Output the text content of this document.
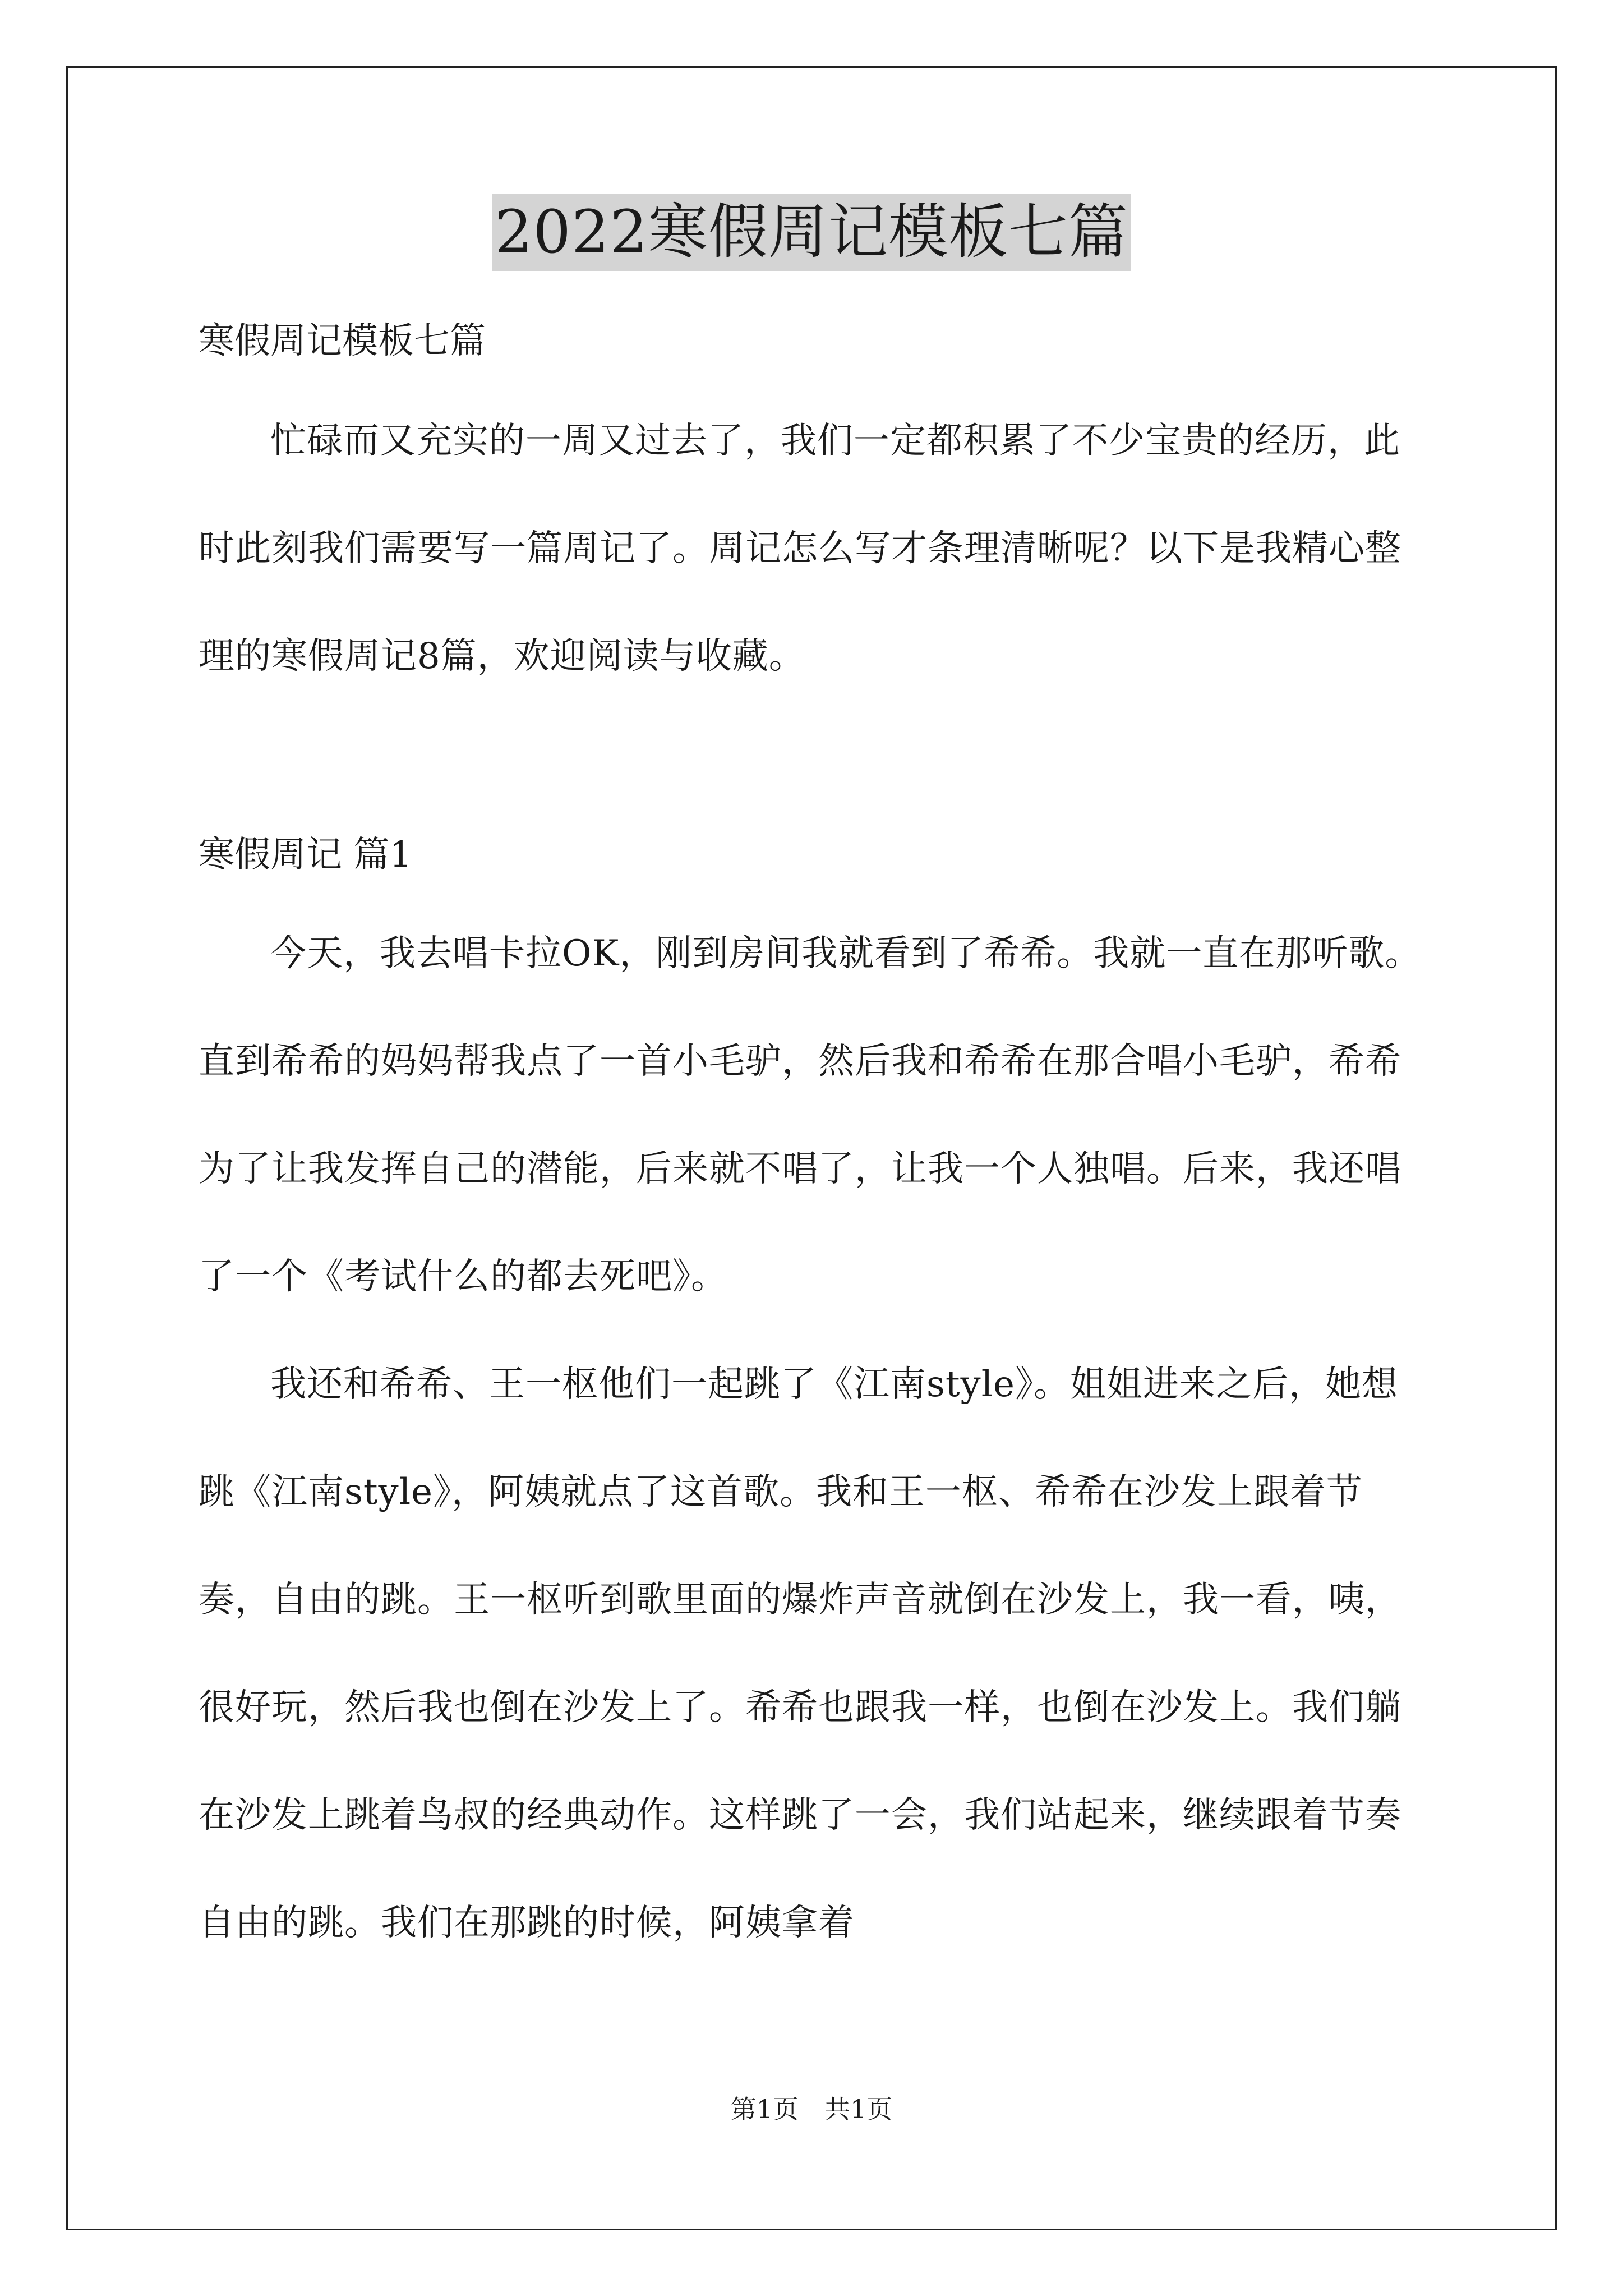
2022寒假周记模板七篇

寒假周记模板七篇

忙碌而又充实的一周又过去了，我们一定都积累了不少宝贵的经历，此时此刻我们需要写一篇周记了。周记怎么写才条理清晰呢？以下是我精心整理的寒假周记8篇，欢迎阅读与收藏。

寒假周记 篇1

今天，我去唱卡拉OK，刚到房间我就看到了希希。我就一直在那听歌。直到希希的妈妈帮我点了一首小毛驴，然后我和希希在那合唱小毛驴，希希为了让我发挥自己的潜能，后来就不唱了，让我一个人独唱。后来，我还唱了一个《考试什么的都去死吧》。

我还和希希、王一枢他们一起跳了《江南style》。姐姐进来之后，她想跳《江南style》，阿姨就点了这首歌。我和王一枢、希希在沙发上跟着节奏，自由的跳。王一枢听到歌里面的爆炸声音就倒在沙发上，我一看，咦，很好玩，然后我也倒在沙发上了。希希也跟我一样，也倒在沙发上。我们躺在沙发上跳着鸟叔的经典动作。这样跳了一会，我们站起来，继续跟着节奏自由的跳。我们在那跳的时候，阿姨拿着

第1页　共1页
